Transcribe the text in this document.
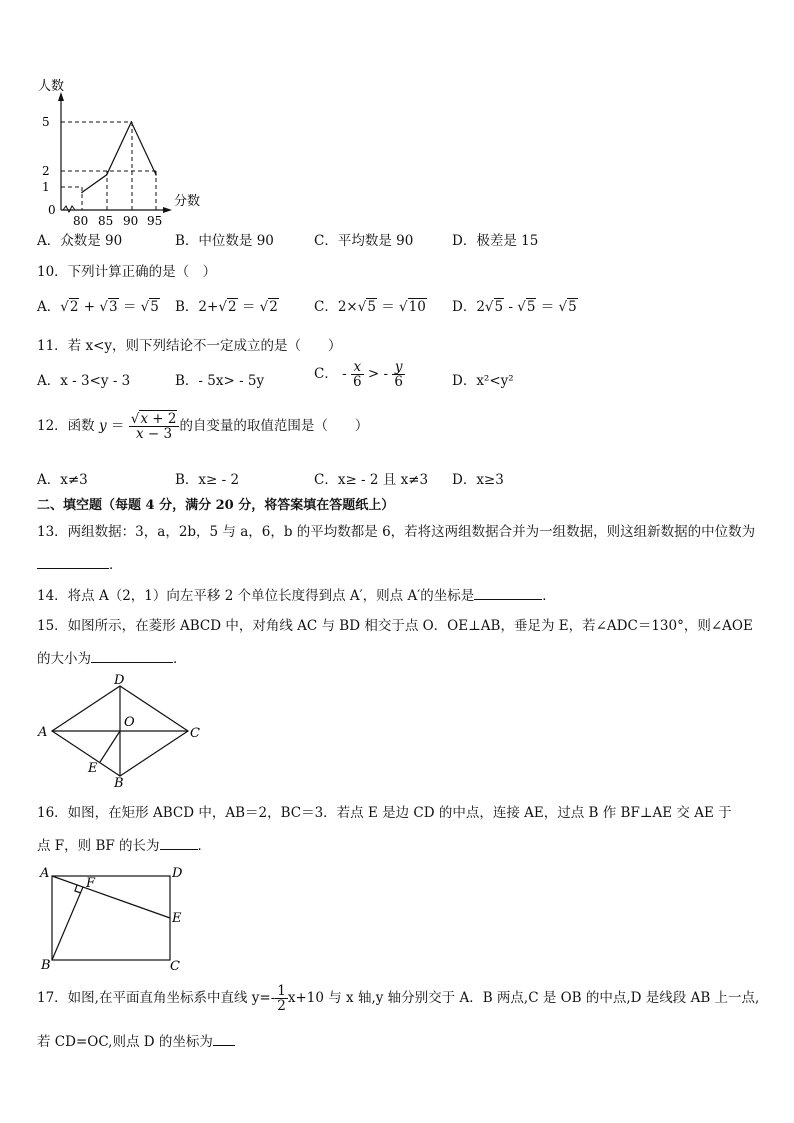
人数
分数
5
2
1
0
80 85 90 95
A．众数是 90	B．中位数是 90	C．平均数是 90	D．极差是 15
10．下列计算正确的是（　）
A．√2 + √3 ＝ √5 B．2+√2 ＝ √2	C．2×√5 ＝ √10 D．2√5 - √5 ＝ √5
11．若 x<y，则下列结论不一定成立的是（　　）
A．x - 3<y - 3	B．- 5x> - 5y	C． - $\frac{x}{6}$ > - $\frac{y}{6}$	D．x²<y²
12．函数 $y = \frac{√x + 2}{x - 3}$ 的自变量的取值范围是（　　）
A．x≠3	B．x≥ - 2	C．x≥ - 2 且 x≠3 D．x≥3
二、填空题（每题 4 分，满分 20 分，将答案填在答题纸上）
13．两组数据：3，a，2b，5 与 a，6，b 的平均数都是 6，若将这两组数据合并为一组数据，则这组新数据的中位数为
．
14．将点 A（2，1）向左平移 2 个单位长度得到点 A′，则点 A′的坐标是	．
15．如图所示，在菱形 ABCD 中，对角线 AC 与 BD 相交于点 O．OE⊥AB，垂足为 E，若∠ADC＝130°，则∠AOE
的大小为	．
D
A	C
O
E
B
16．如图，在矩形 ABCD 中，AB＝2，BC＝3．若点 E 是边 CD 的中点，连接 AE，过点 B 作 BF⊥AE 交 AE 于
点 F，则 BF 的长为	．
A
F
D
E
B	C
17．如图,在平面直角坐标系中直线 $y=- \frac{1}{2} x+10$ 与 x 轴,y 轴分别交于 A．B 两点,C 是 OB 的中点,D 是线段 AB 上一点,
若 CD=OC,则点 D 的坐标为
